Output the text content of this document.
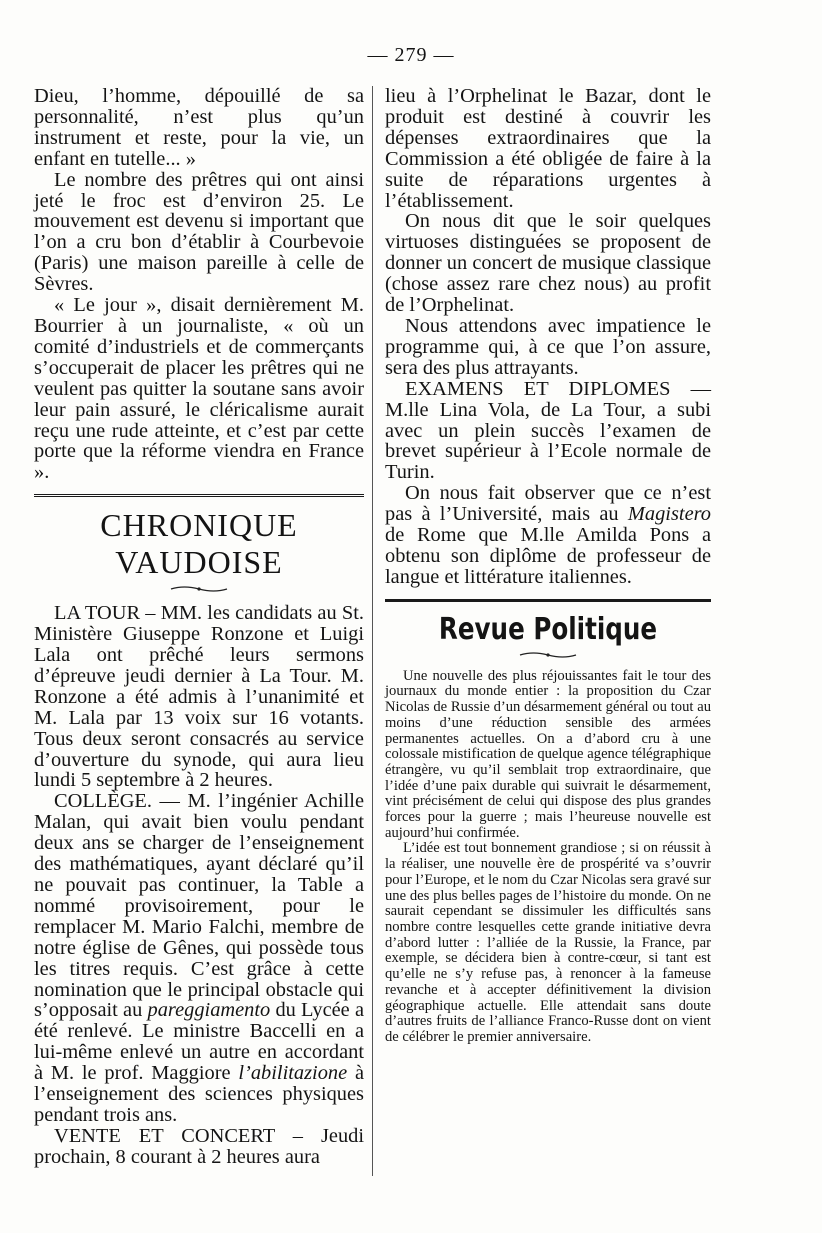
— 279 —

Dieu, l’homme, dépouillé de sa personnalité, n’est plus qu’un instrument et reste, pour la vie, un enfant en tutelle... »

Le nombre des prêtres qui ont ainsi jeté le froc est d’environ 25. Le mouvement est devenu si important que l’on a cru bon d’établir à Courbevoie (Paris) une maison pareille à celle de Sèvres.

« Le jour », disait dernièrement M. Bourrier à un journaliste, « où un comité d’industriels et de commerçants s’occuperait de placer les prêtres qui ne veulent pas quitter la soutane sans avoir leur pain assuré, le cléricalisme aurait reçu une rude atteinte, et c’est par cette porte que la réforme viendra en France ».

CHRONIQUE VAUDOISE

LA TOUR – MM. les candidats au St. Ministère Giuseppe Ronzone et Luigi Lala ont prêché leurs sermons d’épreuve jeudi dernier à La Tour. M. Ronzone a été admis à l’unanimité et M. Lala par 13 voix sur 16 votants. Tous deux seront consacrés au service d’ouverture du synode, qui aura lieu lundi 5 septembre à 2 heures.

COLLÈGE. — M. l’ingénier Achille Malan, qui avait bien voulu pendant deux ans se charger de l’enseignement des mathématiques, ayant déclaré qu’il ne pouvait pas continuer, la Table a nommé provisoirement, pour le remplacer M. Mario Falchi, membre de notre église de Gênes, qui possède tous les titres requis. C’est grâce à cette nomination que le principal obstacle qui s’opposait au pareggiamento du Lycée a été renlevé. Le ministre Baccelli en a lui-même enlevé un autre en accordant à M. le prof. Maggiore l’abilitazione à l’enseignement des sciences physiques pendant trois ans.

VENTE ET CONCERT – Jeudi prochain, 8 courant à 2 heures aura

lieu à l’Orphelinat le Bazar, dont le produit est destiné à couvrir les dépenses extraordinaires que la Commission a été obligée de faire à la suite de réparations urgentes à l’établissement.

On nous dit que le soir quelques virtuoses distinguées se proposent de donner un concert de musique classique (chose assez rare chez nous) au profit de l’Orphelinat.

Nous attendons avec impatience le programme qui, à ce que l’on assure, sera des plus attrayants.

EXAMENS ET DIPLOMES — M.lle Lina Vola, de La Tour, a subi avec un plein succès l’examen de brevet supérieur à l’Ecole normale de Turin.

On nous fait observer que ce n’est pas à l’Université, mais au Magistero de Rome que M.lle Amilda Pons a obtenu son diplôme de professeur de langue et littérature italiennes.

Revue Politique

Une nouvelle des plus réjouissantes fait le tour des journaux du monde entier : la proposition du Czar Nicolas de Russie d’un désarmement général ou tout au moins d’une réduction sensible des armées permanentes actuelles. On a d’abord cru à une colossale mistification de quelque agence télégraphique étrangère, vu qu’il semblait trop extraordinaire, que l’idée d’une paix durable qui suivrait le désarmement, vint précisément de celui qui dispose des plus grandes forces pour la guerre ; mais l’heureuse nouvelle est aujourd’hui confirmée.

L’idée est tout bonnement grandiose ; si on réussit à la réaliser, une nouvelle ère de prospérité va s’ouvrir pour l’Europe, et le nom du Czar Nicolas sera gravé sur une des plus belles pages de l’histoire du monde. On ne saurait cependant se dissimuler les difficultés sans nombre contre lesquelles cette grande initiative devra d’abord lutter : l’alliée de la Russie, la France, par exemple, se décidera bien à contre-cœur, si tant est qu’elle ne s’y refuse pas, à renoncer à la fameuse revanche et à accepter définitivement la division géographique actuelle. Elle attendait sans doute d’autres fruits de l’alliance Franco-Russe dont on vient de célébrer le premier anniversaire.
